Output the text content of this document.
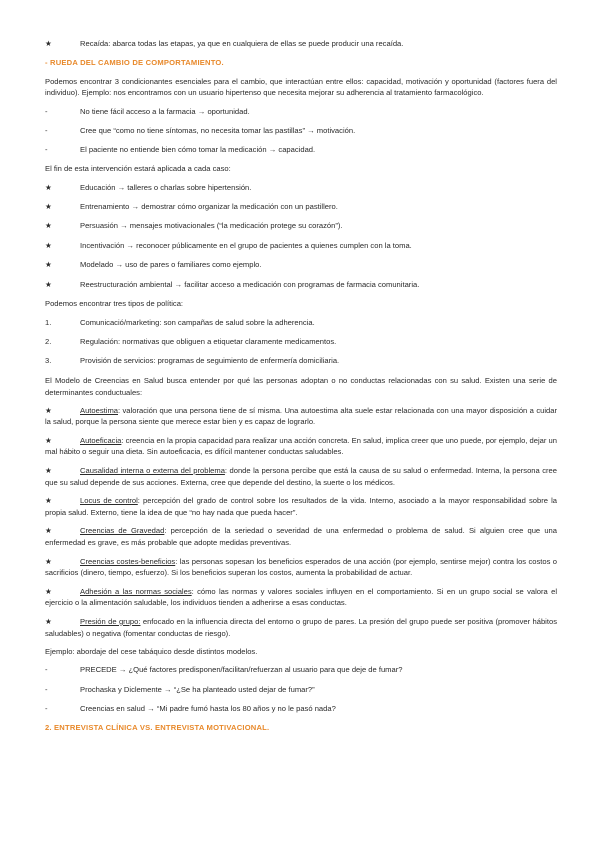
★	Recaída: abarca todas las etapas, ya que en cualquiera de ellas se puede producir una recaída.
- RUEDA DEL CAMBIO DE COMPORTAMIENTO.
Podemos encontrar 3 condicionantes esenciales para el cambio, que interactúan entre ellos: capacidad, motivación y oportunidad (factores fuera del individuo). Ejemplo: nos encontramos con un usuario hipertenso que necesita mejorar su adherencia al tratamiento farmacológico.
-	No tiene fácil acceso a la farmacia → oportunidad.
-	Cree que “como no tiene síntomas, no necesita tomar las pastillas” → motivación.
-	El paciente no entiende bien cómo tomar la medicación → capacidad.
El fin de esta intervención estará aplicada a cada caso:
★	Educación → talleres o charlas sobre hipertensión.
★	Entrenamiento → demostrar cómo organizar la medicación con un pastillero.
★	Persuasión → mensajes motivacionales (“la medicación protege su corazón”).
★	Incentivación → reconocer públicamente en el grupo de pacientes a quienes cumplen con la toma.
★	Modelado → uso de pares o familiares como ejemplo.
★	Reestructuración ambiental → facilitar acceso a medicación con programas de farmacia comunitaria.
Podemos encontrar tres tipos de política:
1.	Comunicació/marketing: son campañas de salud sobre la adherencia.
2.	Regulación: normativas que obliguen a etiquetar claramente medicamentos.
3.	Provisión de servicios: programas de seguimiento de enfermería domiciliaria.
El Modelo de Creencias en Salud busca entender por qué las personas adoptan o no conductas relacionadas con su salud. Existen una serie de determinantes conductuales:
★	Autoestima: valoración que una persona tiene de sí misma. Una autoestima alta suele estar relacionada con una mayor disposición a cuidar la salud, porque la persona siente que merece estar bien y es capaz de lograrlo.
★	Autoeficacia: creencia en la propia capacidad para realizar una acción concreta. En salud, implica creer que uno puede, por ejemplo, dejar un mal hábito o seguir una dieta. Sin autoeficacia, es difícil mantener conductas saludables.
★	Causalidad interna o externa del problema: donde la persona percibe que está la causa de su salud o enfermedad. Interna, la persona cree que su salud depende de sus acciones. Externa, cree que depende del destino, la suerte o los médicos.
★	Locus de control: percepción del grado de control sobre los resultados de la vida. Interno, asociado a la mayor responsabilidad sobre la propia salud. Externo, tiene la idea de que “no hay nada que pueda hacer”.
★	Creencias de Gravedad: percepción de la seriedad o severidad de una enfermedad o problema de salud. Si alguien cree que una enfermedad es grave, es más probable que adopte medidas preventivas.
★	Creencias costes-beneficios: las personas sopesan los beneficios esperados de una acción (por ejemplo, sentirse mejor) contra los costos o sacrificios (dinero, tiempo, esfuerzo). Si los beneficios superan los costos, aumenta la probabilidad de actuar.
★	Adhesión a las normas sociales: cómo las normas y valores sociales influyen en el comportamiento. Si en un grupo social se valora el ejercicio o la alimentación saludable, los individuos tienden a adherirse a esas conductas.
★	Presión de grupo: enfocado en la influencia directa del entorno o grupo de pares. La presión del grupo puede ser positiva (promover hábitos saludables) o negativa (fomentar conductas de riesgo).
Ejemplo: abordaje del cese tabáquico desde distintos modelos.
-	PRECEDE → ¿Qué factores predisponen/facilitan/refuerzan al usuario para que deje de fumar?
-	Prochaska y Diclemente → “¿Se ha planteado usted dejar de fumar?”
-	Creencias en salud → “Mi padre fumó hasta los 80 años y no le pasó nada?
2. ENTREVISTA CLÍNICA VS. ENTREVISTA MOTIVACIONAL.
